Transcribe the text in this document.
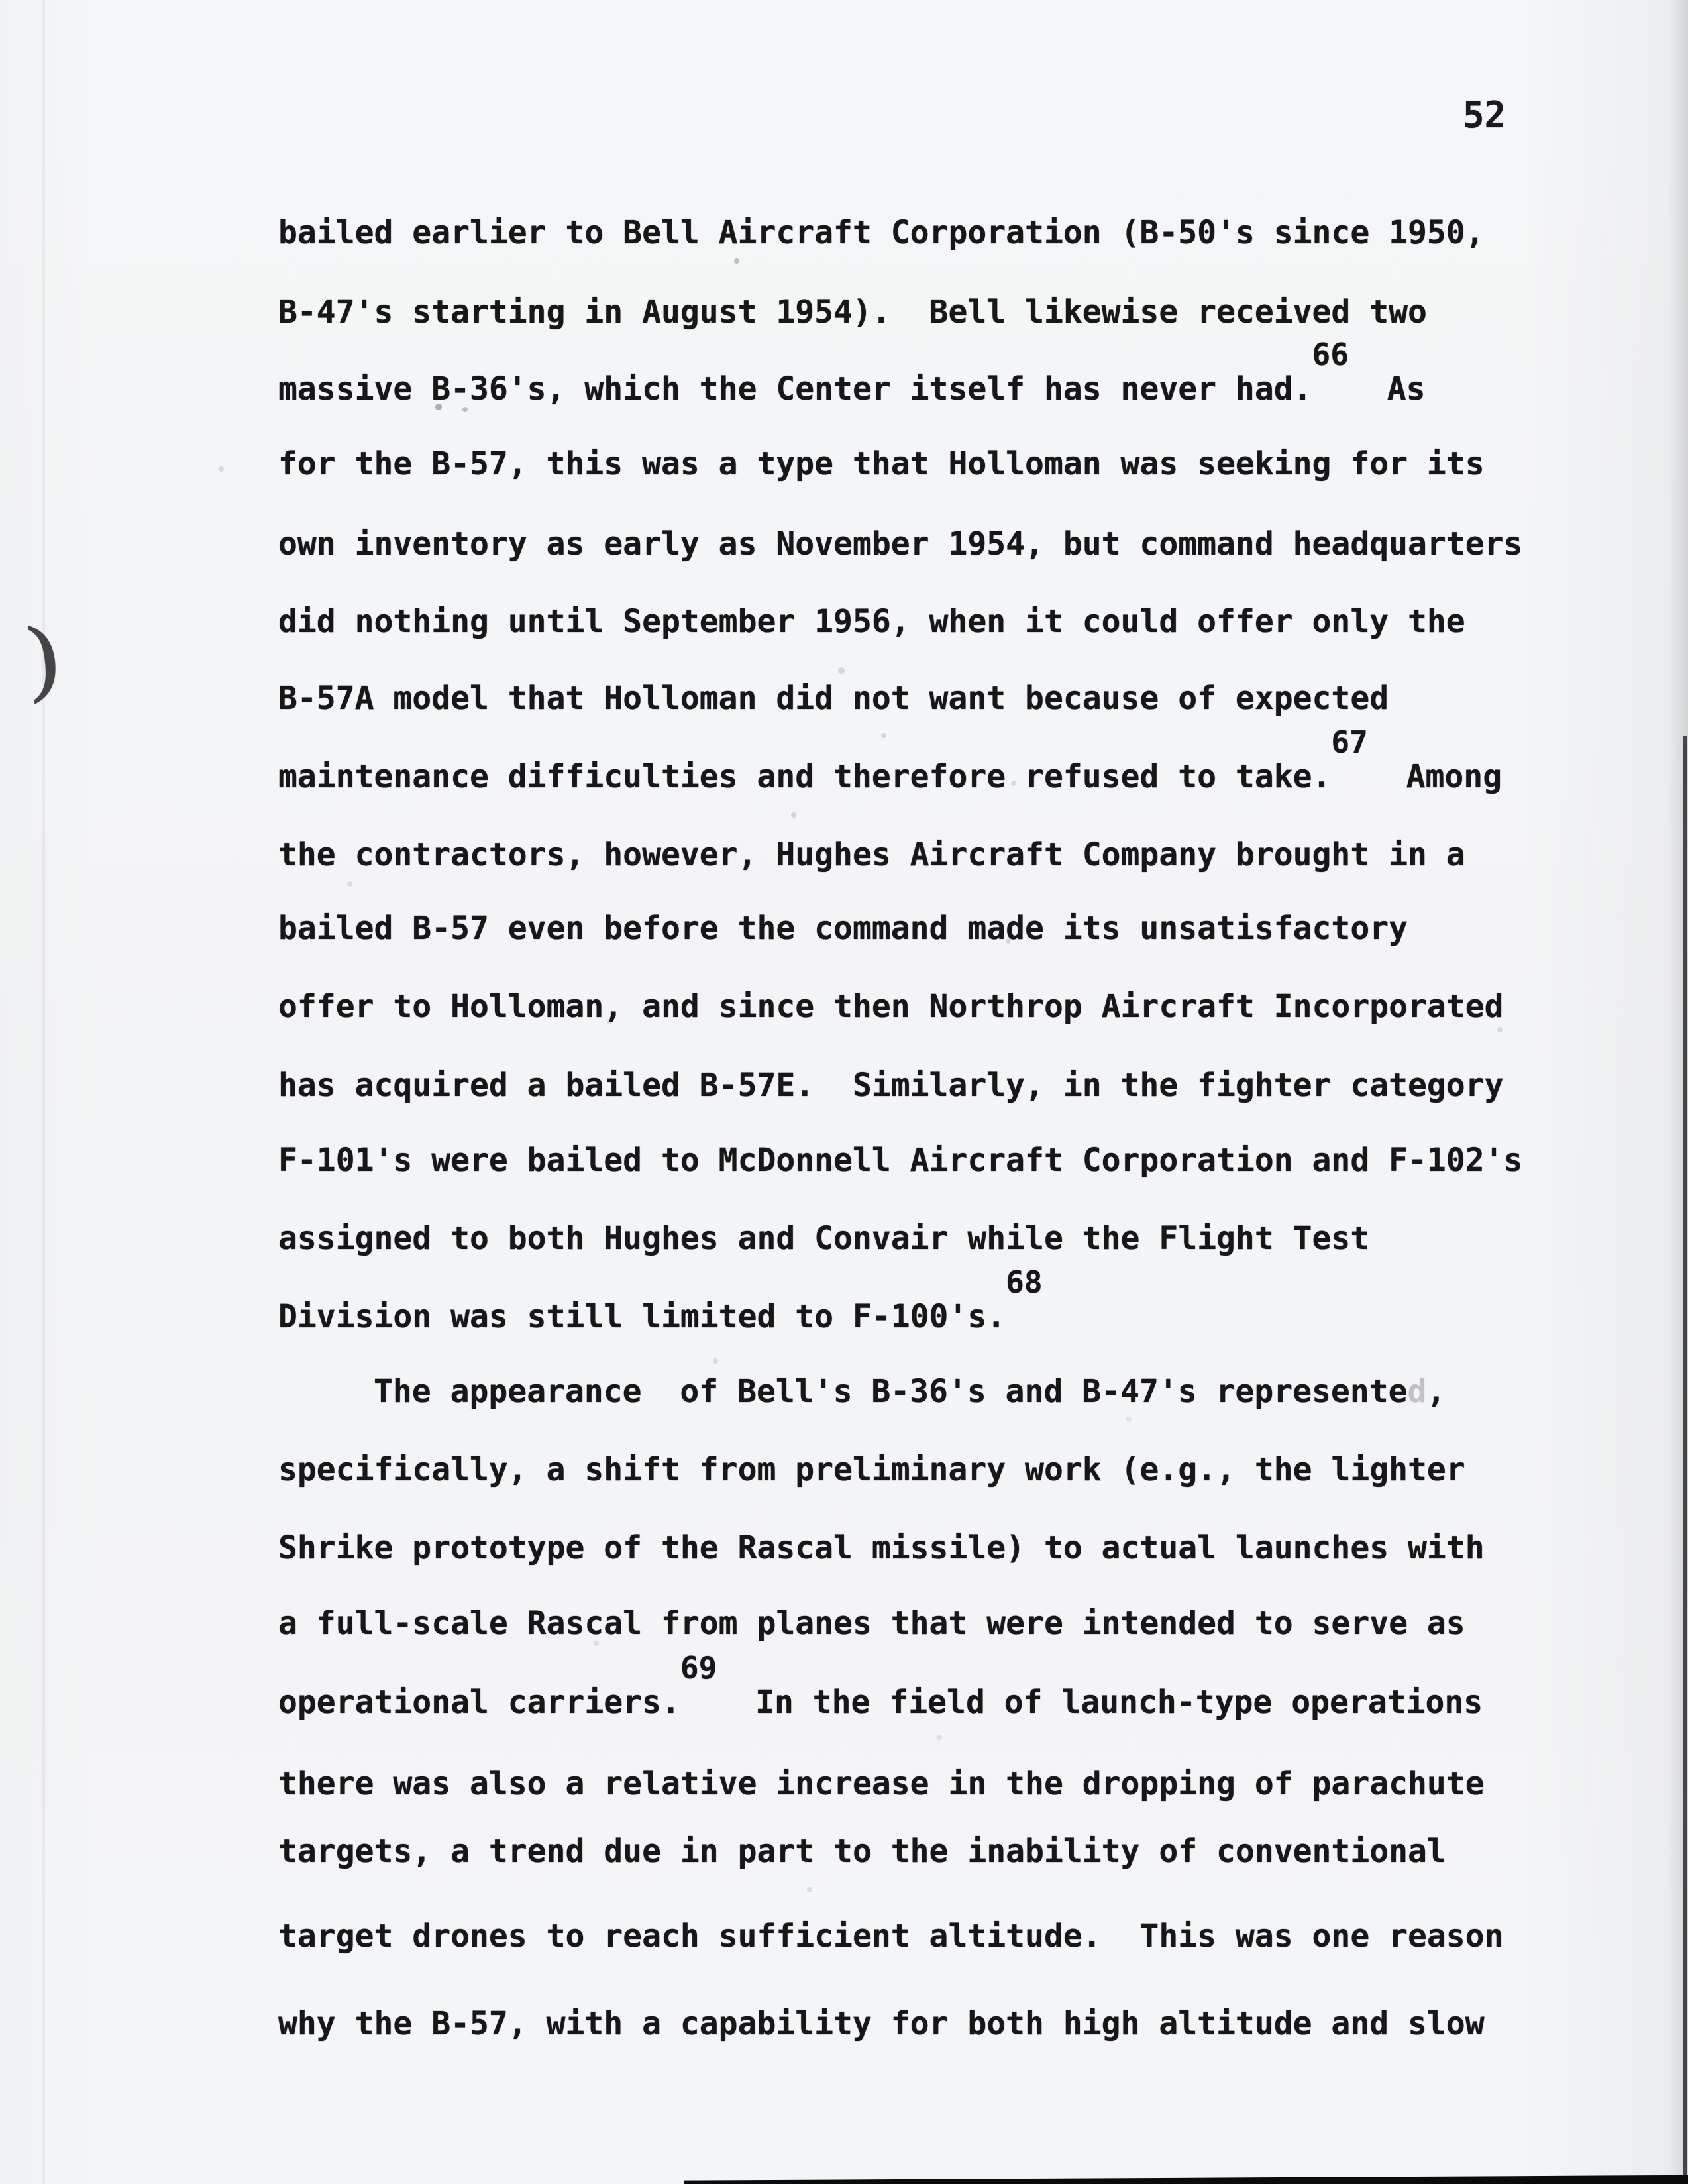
52
)
bailed earlier to Bell Aircraft Corporation (B-50's since 1950,
B-47's starting in August 1954).  Bell likewise received two
massive B-36's, which the Center itself has never had.66  As
for the B-57, this was a type that Holloman was seeking for its
own inventory as early as November 1954, but command headquarters
did nothing until September 1956, when it could offer only the
B-57A model that Holloman did not want because of expected
maintenance difficulties and therefore refused to take.67  Among
the contractors, however, Hughes Aircraft Company brought in a
bailed B-57 even before the command made its unsatisfactory
offer to Holloman, and since then Northrop Aircraft Incorporated
has acquired a bailed B-57E.  Similarly, in the fighter category
F-101's were bailed to McDonnell Aircraft Corporation and F-102's
assigned to both Hughes and Convair while the Flight Test
Division was still limited to F-100's.68
The appearance  of Bell's B-36's and B-47's represented,
specifically, a shift from preliminary work (e.g., the lighter
Shrike prototype of the Rascal missile) to actual launches with
a full-scale Rascal from planes that were intended to serve as
operational carriers.69  In the field of launch-type operations
there was also a relative increase in the dropping of parachute
targets, a trend due in part to the inability of conventional
target drones to reach sufficient altitude.  This was one reason
why the B-57, with a capability for both high altitude and slow
